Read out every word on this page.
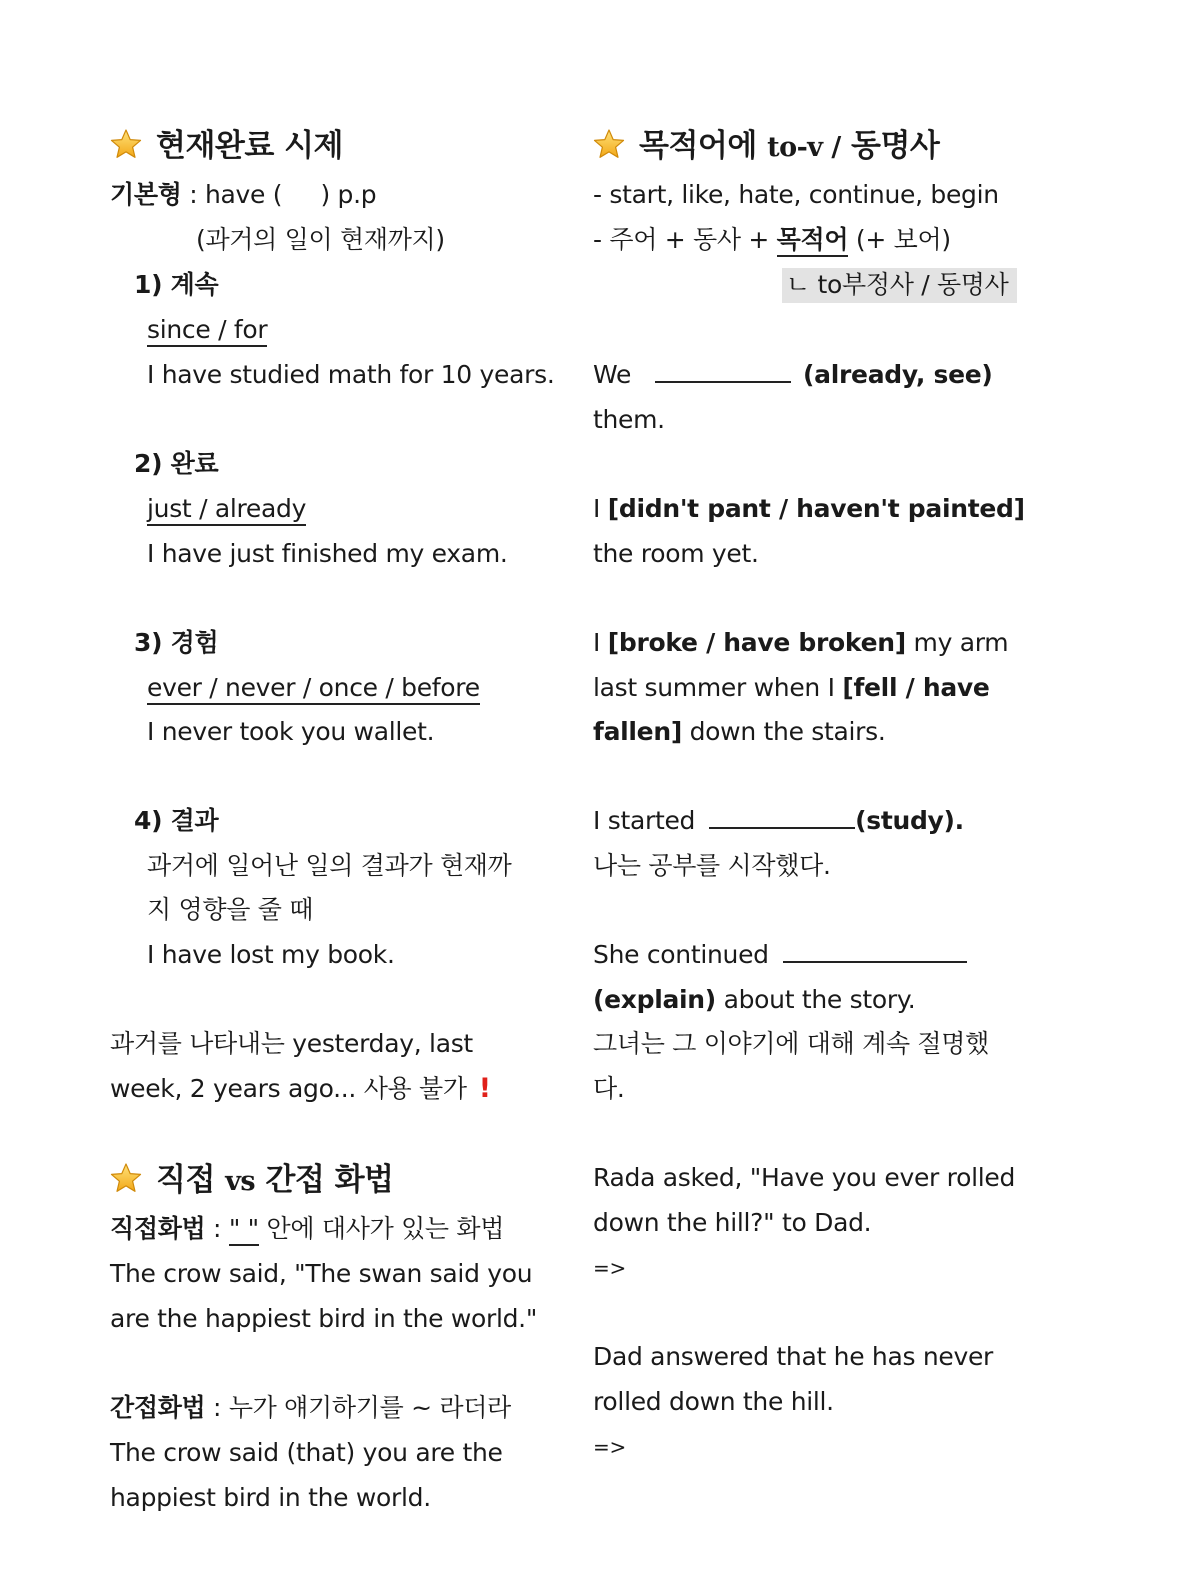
현재완료 시제
기본형 : have (     ) p.p
(과거의 일이 현재까지)
1) 계속
since / for
I have studied math for 10 years.
2) 완료
just / already
I have just finished my exam.
3) 경험
ever / never / once / before
I never took you wallet.
4) 결과
과거에 일어난 일의 결과가 현재까
지 영향을 줄 때
I have lost my book.
과거를 나타내는 yesterday, last
week, 2 years ago... 사용 불가 !
직접 vs 간접 화법
직접화법 : " " 안에 대사가 있는 화법
The crow said, "The swan said you
are the happiest bird in the world."
간접화법 : 누가 얘기하기를 ~ 라더라
The crow said (that) you are the
happiest bird in the world.
목적어에 to-v / 동명사
- start, like, hate, continue, begin
- 주어 + 동사 + 목적어 (+ 보어)
ㄴ to부정사 / 동명사
We	(already, see)
them.
I [didn't pant / haven't painted]
the room yet.
I [broke / have broken] my arm
last summer when I [fell / have
fallen] down the stairs.
I started	(study).
나는 공부를 시작했다.
She continued
(explain) about the story.
그녀는 그 이야기에 대해 계속 절명했
다.
Rada asked, "Have you ever rolled
down the hill?" to Dad.
=>
Dad answered that he has never
rolled down the hill.
=>
